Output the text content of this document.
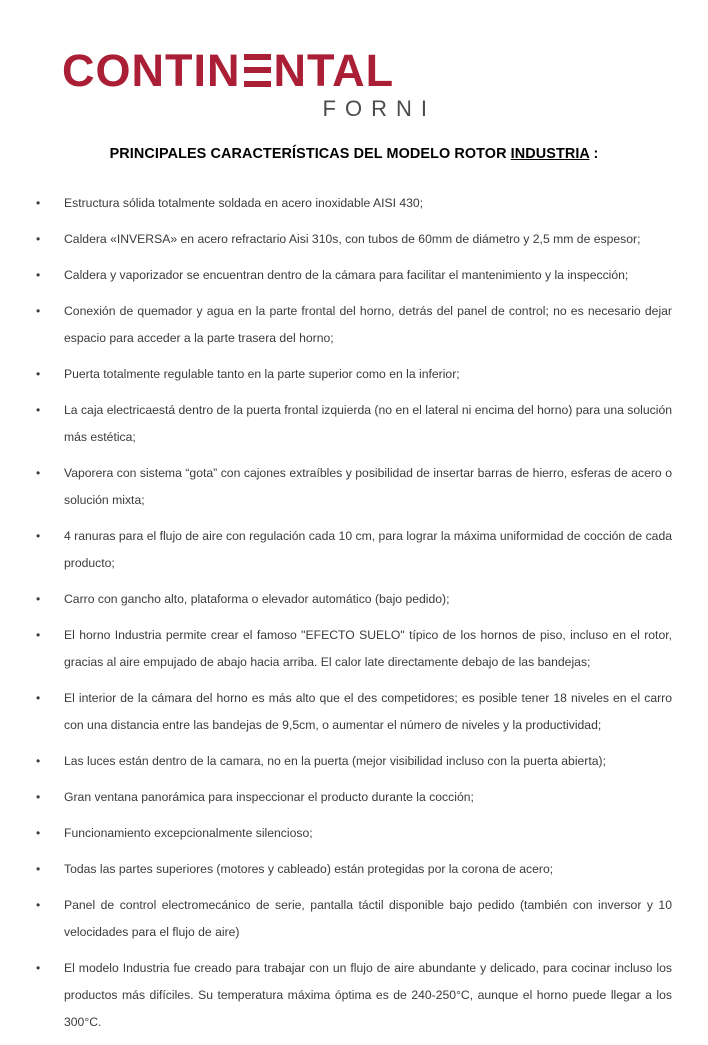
CONTIN NTAL
FORNI
PRINCIPALES CARACTERÍSTICAS DEL MODELO ROTOR INDUSTRIA :
•	Estructura sólida totalmente soldada en acero inoxidable AISI 430;
•	Caldera «INVERSA» en acero refractario Aisi 310s, con tubos de 60mm de diámetro y 2,5 mm de espesor;
•	Caldera y vaporizador se encuentran dentro de la cámara para facilitar el mantenimiento y la inspección;
•	Conexión de quemador y agua en la parte frontal del horno, detrás del panel de control; no es necesario dejar espacio para acceder a la parte trasera del horno;
•	Puerta totalmente regulable tanto en la parte superior como en la inferior;
•	La caja electricaestá dentro de la puerta frontal izquierda (no en el lateral ni encima del horno) para una solución más estética;
•	Vaporera con sistema “gota” con cajones extraíbles y posibilidad de insertar barras de hierro, esferas de acero o solución mixta;
•	4 ranuras para el flujo de aire con regulación cada 10 cm, para lograr la máxima uniformidad de cocción de cada producto;
•	Carro con gancho alto, plataforma o elevador automático (bajo pedido);
•	El horno Industria permite crear el famoso "EFECTO SUELO" típico de los hornos de piso, incluso en el rotor, gracias al aire empujado de abajo hacia arriba. El calor late directamente debajo de las bandejas;
•	El interior de la cámara del horno es más alto que el des competidores; es posible tener 18 niveles en el carro con una distancia entre las bandejas de 9,5cm, o aumentar el número de niveles y la productividad;
•	Las luces están dentro de la camara, no en la puerta (mejor visibilidad incluso con la puerta abierta);
•	Gran ventana panorámica para inspeccionar el producto durante la cocción;
•	Funcionamiento excepcionalmente silencioso;
•	Todas las partes superiores (motores y cableado) están protegidas por la corona de acero;
•	Panel de control electromecánico de serie, pantalla táctil disponible bajo pedido (también con inversor y 10 velocidades para el flujo de aire)
•	El modelo Industria fue creado para trabajar con un flujo de aire abundante y delicado, para cocinar incluso los productos más difíciles. Su temperatura máxima óptima es de 240-250°C, aunque el horno puede llegar a los 300°C.
